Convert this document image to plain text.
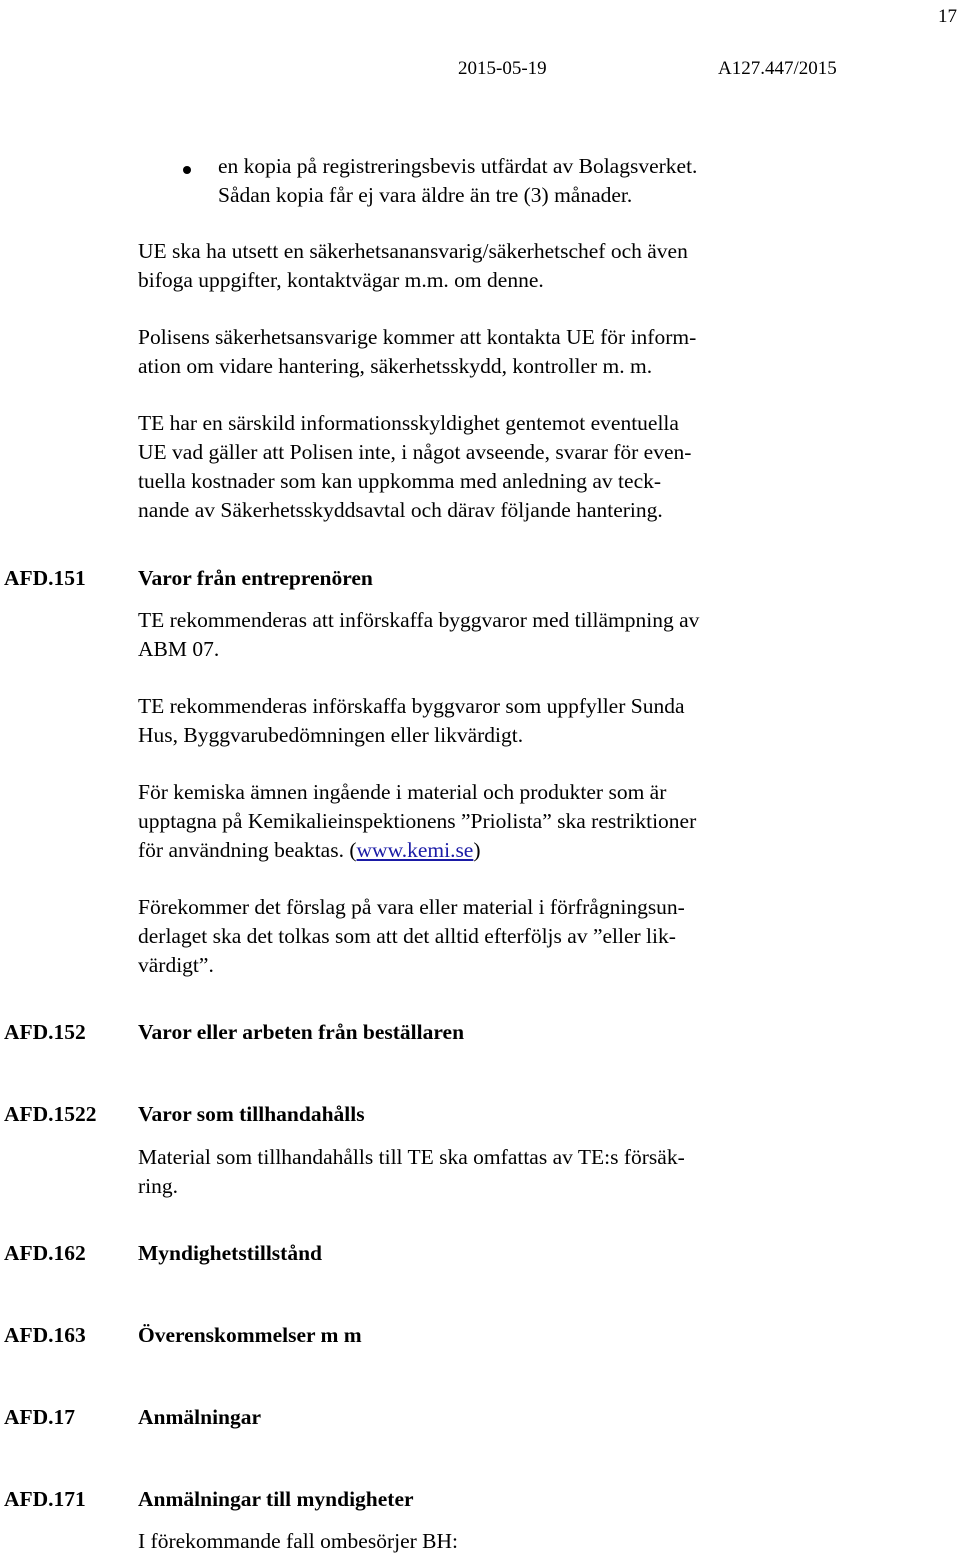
17
2015-05-19	A127.447/2015
en kopia på registreringsbevis utfärdat av Bolagsverket.
Sådan kopia får ej vara äldre än tre (3) månader.
UE ska ha utsett en säkerhetsanansvarig/säkerhetschef och även
bifoga uppgifter, kontaktvägar m.m. om denne.
Polisens säkerhetsansvarige kommer att kontakta UE för inform-
ation om vidare hantering, säkerhetsskydd, kontroller m. m.
TE har en särskild informationsskyldighet gentemot eventuella
UE vad gäller att Polisen inte, i något avseende, svarar för even-
tuella kostnader som kan uppkomma med anledning av teck-
nande av Säkerhetsskyddsavtal och därav följande hantering.
AFD.151 Varor från entreprenören
TE rekommenderas att införskaffa byggvaror med tillämpning av
ABM 07.
TE rekommenderas införskaffa byggvaror som uppfyller Sunda
Hus, Byggvarubedömningen eller likvärdigt.
För kemiska ämnen ingående i material och produkter som är
upptagna på Kemikalieinspektionens ”Priolista” ska restriktioner
för användning beaktas. (www.kemi.se)
Förekommer det förslag på vara eller material i förfrågningsun-
derlaget ska det tolkas som att det alltid efterföljs av ”eller lik-
värdigt”.
AFD.152 Varor eller arbeten från beställaren
AFD.1522 Varor som tillhandahålls
Material som tillhandahålls till TE ska omfattas av TE:s försäk-
ring.
AFD.162 Myndighetstillstånd
AFD.163 Överenskommelser m m
AFD.17	Anmälningar
AFD.171 Anmälningar till myndigheter
I förekommande fall ombesörjer BH:
